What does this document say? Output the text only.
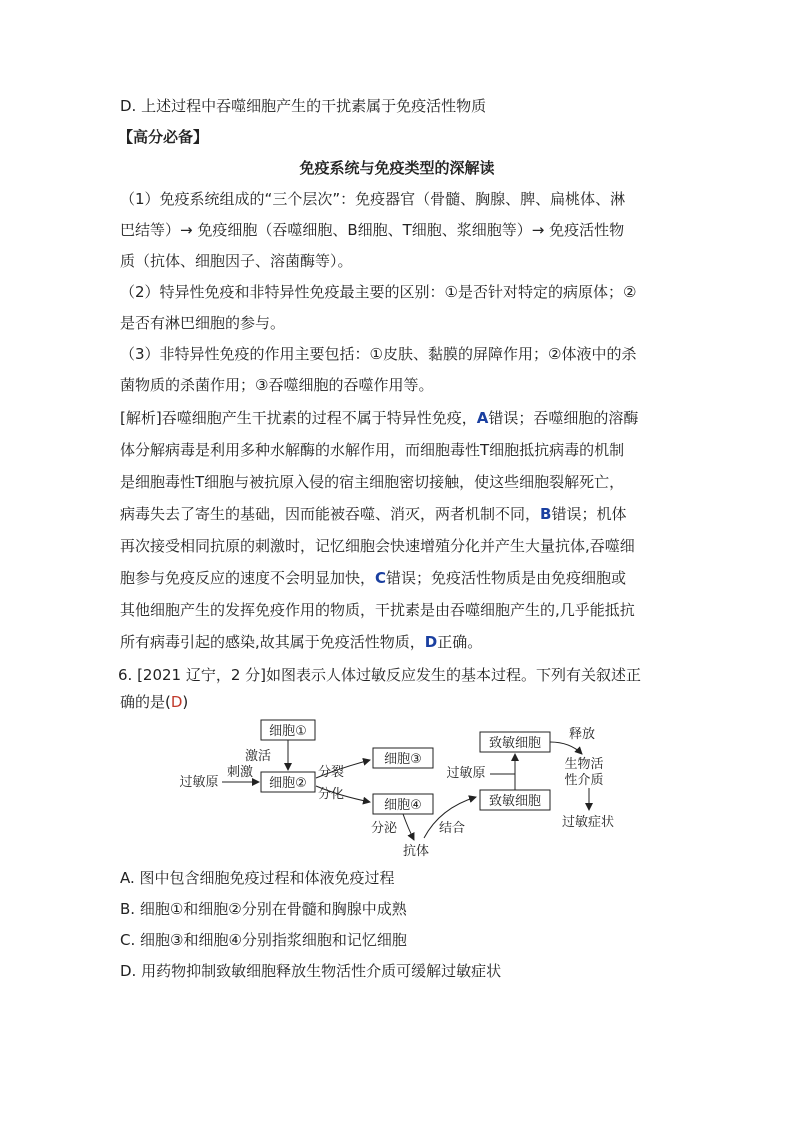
D. 上述过程中吞噬细胞产生的干扰素属于免疫活性物质
【高分必备】
免疫系统与免疫类型的深解读
（1）免疫系统组成的“三个层次”：免疫器官（骨髓、胸腺、脾、扁桃体、淋
巴结等）→ 免疫细胞（吞噬细胞、B细胞、T细胞、浆细胞等）→ 免疫活性物
质（抗体、细胞因子、溶菌酶等）。
（2）特异性免疫和非特异性免疫最主要的区别：①是否针对特定的病原体；②
是否有淋巴细胞的参与。
（3）非特异性免疫的作用主要包括：①皮肤、黏膜的屏障作用；②体液中的杀
菌物质的杀菌作用；③吞噬细胞的吞噬作用等。
[解析]吞噬细胞产生干扰素的过程不属于特异性免疫，A错误；吞噬细胞的溶酶
体分解病毒是利用多种水解酶的水解作用，而细胞毒性T细胞抵抗病毒的机制
是细胞毒性T细胞与被抗原入侵的宿主细胞密切接触，使这些细胞裂解死亡，
病毒失去了寄生的基础，因而能被吞噬、消灭，两者机制不同，B错误；机体
再次接受相同抗原的刺激时，记忆细胞会快速增殖分化并产生大量抗体,吞噬细
胞参与免疫反应的速度不会明显加快，C错误；免疫活性物质是由免疫细胞或
其他细胞产生的发挥免疫作用的物质，干扰素是由吞噬细胞产生的,几乎能抵抗
所有病毒引起的感染,故其属于免疫活性物质，D正确。
6. [2021 辽宁，2 分]如图表示人体过敏反应发生的基本过程。下列有关叙述正
确的是(D)
细胞①
激活
细胞②
过敏原
刺激	分裂
分化
细胞③
细胞④
分泌
抗体
结合
致敏细胞
致敏细胞
过敏原
释放
生物活
性介质
过敏症状
A. 图中包含细胞免疫过程和体液免疫过程
B. 细胞①和细胞②分别在骨髓和胸腺中成熟
C. 细胞③和细胞④分别指浆细胞和记忆细胞
D. 用药物抑制致敏细胞释放生物活性介质可缓解过敏症状
